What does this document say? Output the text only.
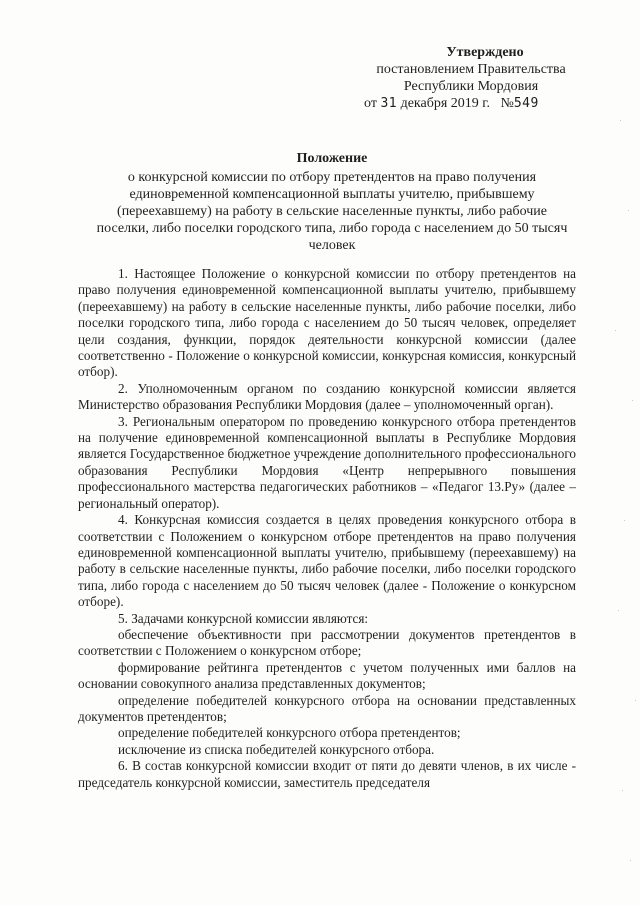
Утверждено
постановлением Правительства
Республики Мордовия
от 31 декабря 2019 г. №549
Положение
о конкурсной комиссии по отбору претендентов на право получения единовременной компенсационной выплаты учителю, прибывшему (переехавшему) на работу в сельские населенные пункты, либо рабочие поселки, либо поселки городского типа, либо города с населением до 50 тысяч человек

1. Настоящее Положение о конкурсной комиссии по отбору претендентов на право получения единовременной компенсационной выплаты учителю, прибывшему (переехавшему) на работу в сельские населенные пункты, либо рабочие поселки, либо поселки городского типа, либо города с населением до 50 тысяч человек, определяет цели создания, функции, порядок деятельности конкурсной комиссии (далее соответственно - Положение о конкурсной комиссии, конкурсная комиссия, конкурсный отбор).

2. Уполномоченным органом по созданию конкурсной комиссии является Министерство образования Республики Мордовия (далее – уполномоченный орган).

3. Региональным оператором по проведению конкурсного отбора претендентов на получение единовременной компенсационной выплаты в Республике Мордовия является Государственное бюджетное учреждение дополнительного профессионального образования Республики Мордовия «Центр непрерывного повышения профессионального мастерства педагогических работников – «Педагог 13.Ру» (далее – региональный оператор).

4. Конкурсная комиссия создается в целях проведения конкурсного отбора в соответствии с Положением о конкурсном отборе претендентов на право получения единовременной компенсационной выплаты учителю, прибывшему (переехавшему) на работу в сельские населенные пункты, либо рабочие поселки, либо поселки городского типа, либо города с населением до 50 тысяч человек (далее - Положение о конкурсном отборе).

5. Задачами конкурсной комиссии являются:

обеспечение объективности при рассмотрении документов претендентов в соответствии с Положением о конкурсном отборе;

формирование рейтинга претендентов с учетом полученных ими баллов на основании совокупного анализа представленных документов;

определение победителей конкурсного отбора на основании представленных документов претендентов;

определение победителей конкурсного отбора претендентов;

исключение из списка победителей конкурсного отбора.

6. В состав конкурсной комиссии входит от пяти до девяти членов, в их числе - председатель конкурсной комиссии, заместитель председателя
